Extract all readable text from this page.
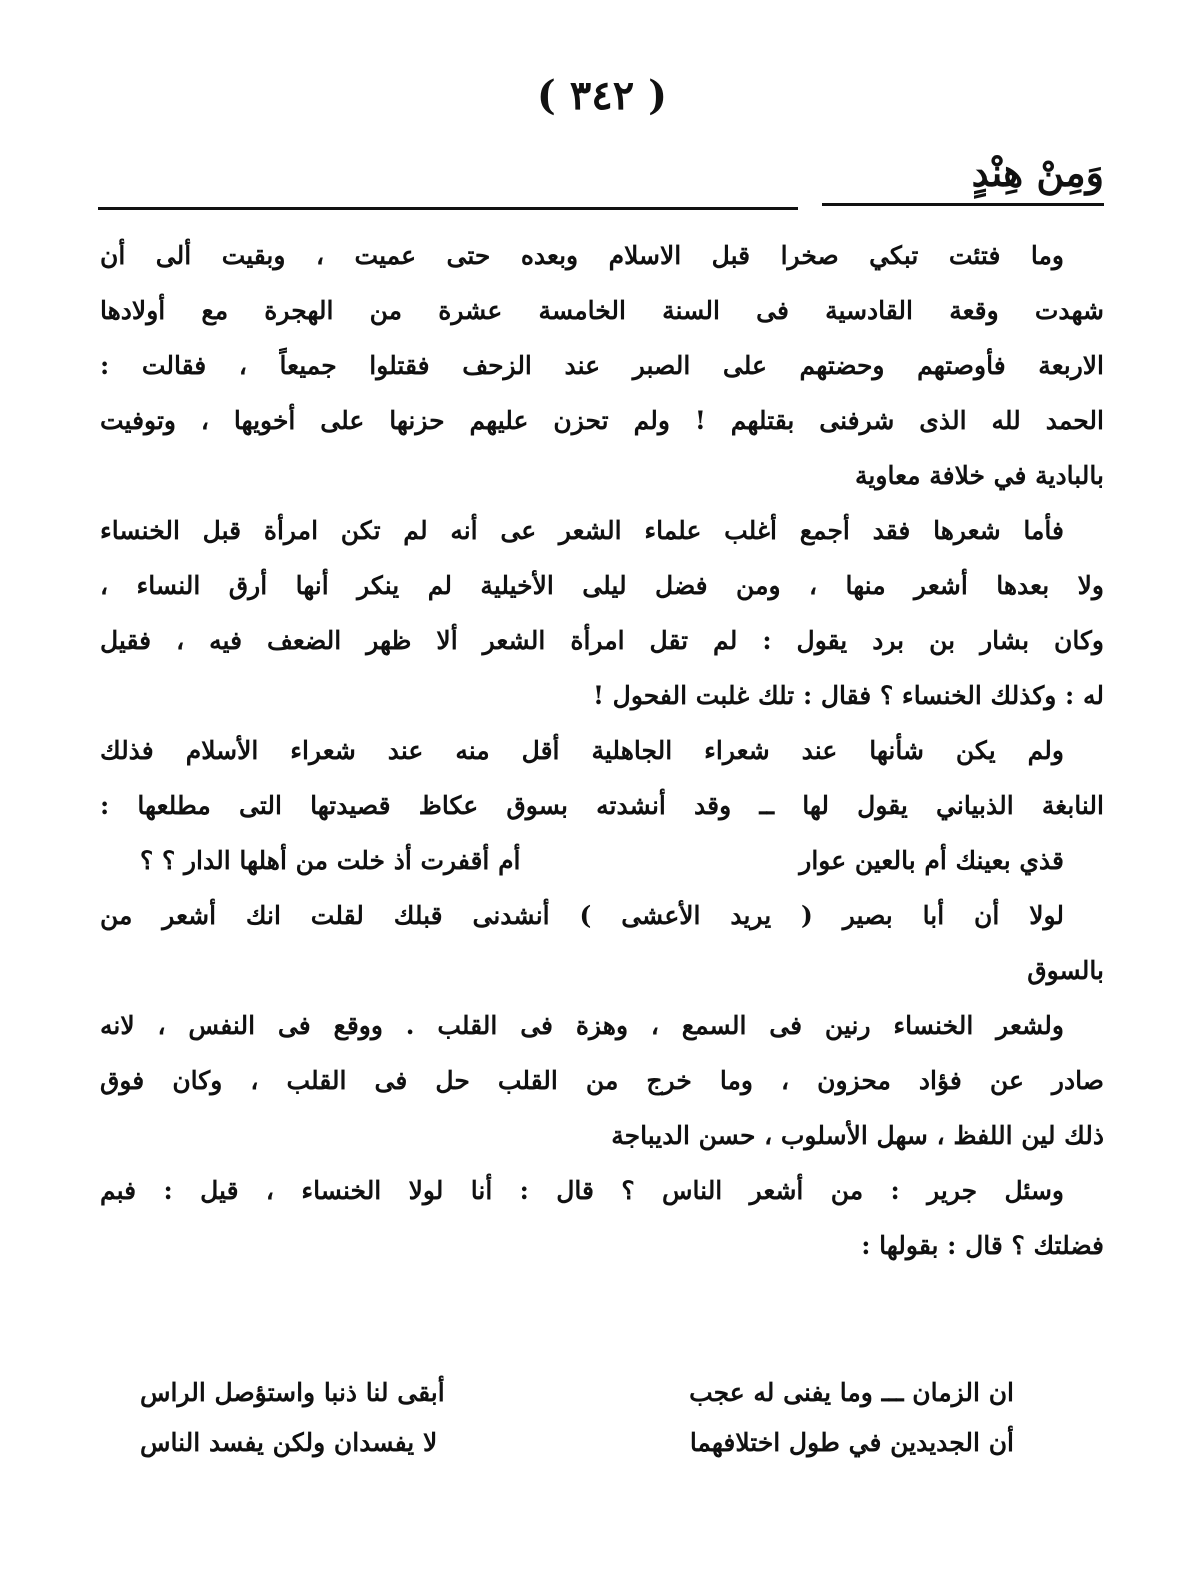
( ٣٤٢ )
وَمِنْ هِنْدٍ
وما فتئت تبكي صخرا قبل الاسلام وبعده حتى عميت ، وبقيت ألى أن
شهدت وقعة القادسية فى السنة الخامسة عشرة من الهجرة مع أولادها
الاربعة فأوصتهم وحضتهم على الصبر عند الزحف فقتلوا جميعاً ، فقالت :
الحمد لله الذى شرفنى بقتلهم ! ولم تحزن عليهم حزنها على أخويها ، وتوفيت
بالبادية في خلافة معاوية
فأما شعرها فقد أجمع أغلب علماء الشعر عى أنه لم تكن امرأة قبل الخنساء
ولا بعدها أشعر منها ، ومن فضل ليلى الأخيلية لم ينكر أنها أرق النساء ،
وكان بشار بن برد يقول : لم تقل امرأة الشعر ألا ظهر الضعف فيه ، فقيل
له : وكذلك الخنساء ؟ فقال : تلك غلبت الفحول !
ولم يكن شأنها عند شعراء الجاهلية أقل منه عند شعراء الأسلام فذلك
النابغة الذبياني يقول لها ــ وقد أنشدته بسوق عكاظ قصيدتها التى مطلعها :
قذي بعينك أم بالعين عوار
أم أقفرت أذ خلت من أهلها الدار ؟ ؟
لولا أن أبا بصير ( يريد الأعشى ) أنشدنى قبلك لقلت انك أشعر من
بالسوق
ولشعر الخنساء رنين فى السمع ، وهزة فى القلب . ووقع فى النفس ، لانه
صادر عن فؤاد محزون ، وما خرج من القلب حل فى القلب ، وكان فوق
ذلك لين اللفظ ، سهل الأسلوب ، حسن الديباجة
وسئل جرير : من أشعر الناس ؟ قال : أنا لولا الخنساء ، قيل : فبم
فضلتك ؟ قال : بقولها :
ان الزمان ـــ وما يفنى له عجب
أبقى لنا ذنبا واستؤصل الراس
أن الجديدين في طول اختلافهما
لا يفسدان ولكن يفسد الناس
